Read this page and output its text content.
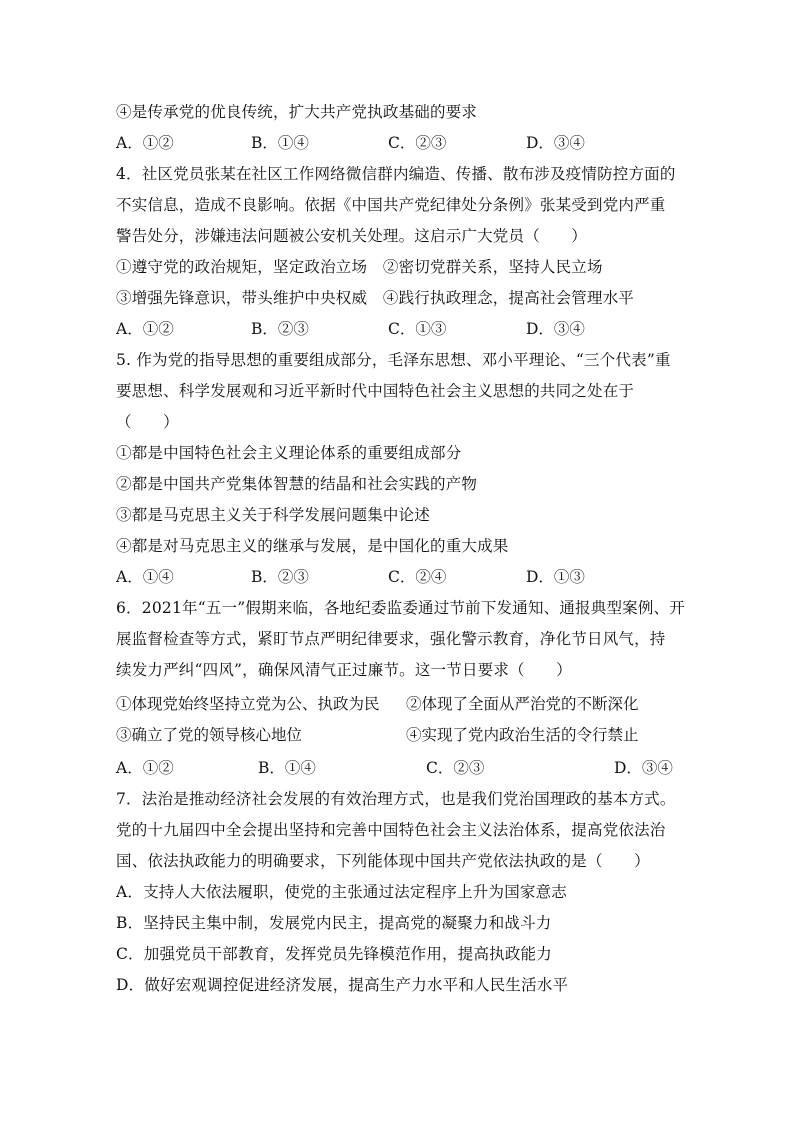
④是传承党的优良传统，扩大共产党执政基础的要求
A．①②	B．①④	C．②③	D．③④
4．社区党员张某在社区工作网络微信群内编造、传播、散布涉及疫情防控方面的
不实信息，造成不良影响。依据《中国共产党纪律处分条例》张某受到党内严重
警告处分，涉嫌违法问题被公安机关处理。这启示广大党员（　　）
①遵守党的政治规矩，坚定政治立场　②密切党群关系，坚持人民立场
③增强先锋意识，带头维护中央权威　④践行执政理念，提高社会管理水平
A．①②	B．②③	C．①③	D．③④
5. 作为党的指导思想的重要组成部分，毛泽东思想、邓小平理论、“三个代表”重
要思想、科学发展观和习近平新时代中国特色社会主义思想的共同之处在于
（　　）
①都是中国特色社会主义理论体系的重要组成部分
②都是中国共产党集体智慧的结晶和社会实践的产物
③都是马克思主义关于科学发展问题集中论述
④都是对马克思主义的继承与发展，是中国化的重大成果
A．①④	B．②③	C．②④	D．①③
6．2021年“五一”假期来临，各地纪委监委通过节前下发通知、通报典型案例、开
展监督检查等方式，紧盯节点严明纪律要求，强化警示教育，净化节日风气，持
续发力严纠“四风”，确保风清气正过廉节。这一节日要求（　　）
①体现党始终坚持立党为公、执政为民 ②体现了全面从严治党的不断深化
③确立了党的领导核心地位	④实现了党内政治生活的令行禁止
A．①②	B．①④	C．②③	D．③④
7．法治是推动经济社会发展的有效治理方式，也是我们党治国理政的基本方式。
党的十九届四中全会提出坚持和完善中国特色社会主义法治体系，提高党依法治
国、依法执政能力的明确要求，下列能体现中国共产党依法执政的是（　　）
A．支持人大依法履职，使党的主张通过法定程序上升为国家意志
B．坚持民主集中制，发展党内民主，提高党的凝聚力和战斗力
C．加强党员干部教育，发挥党员先锋模范作用，提高执政能力
D．做好宏观调控促进经济发展，提高生产力水平和人民生活水平
